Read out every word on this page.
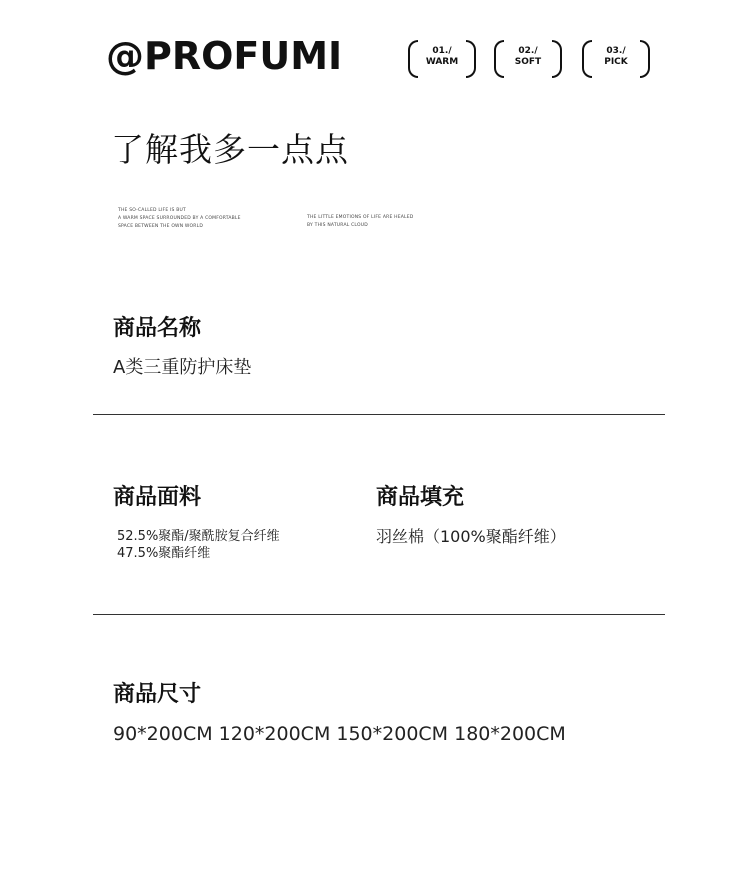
@PROFUMI	01./
WARM
02./
SOFT
03./
PICK
了解我多一点点
THE SO-CALLED LIFE IS BUT
A WARM SPACE SURROUNDED BY A COMFORTABLE
SPACE BETWEEN THE OWN WORLD
THE LITTLE EMOTIONS OF LIFE ARE HEALED
BY THIS NATURAL CLOUD
商品名称
A类三重防护床垫
商品面料
52.5%聚酯/聚酰胺复合纤维
47.5%聚酯纤维
商品填充
羽丝棉（100%聚酯纤维）
商品尺寸
90*200CM 120*200CM 150*200CM 180*200CM
